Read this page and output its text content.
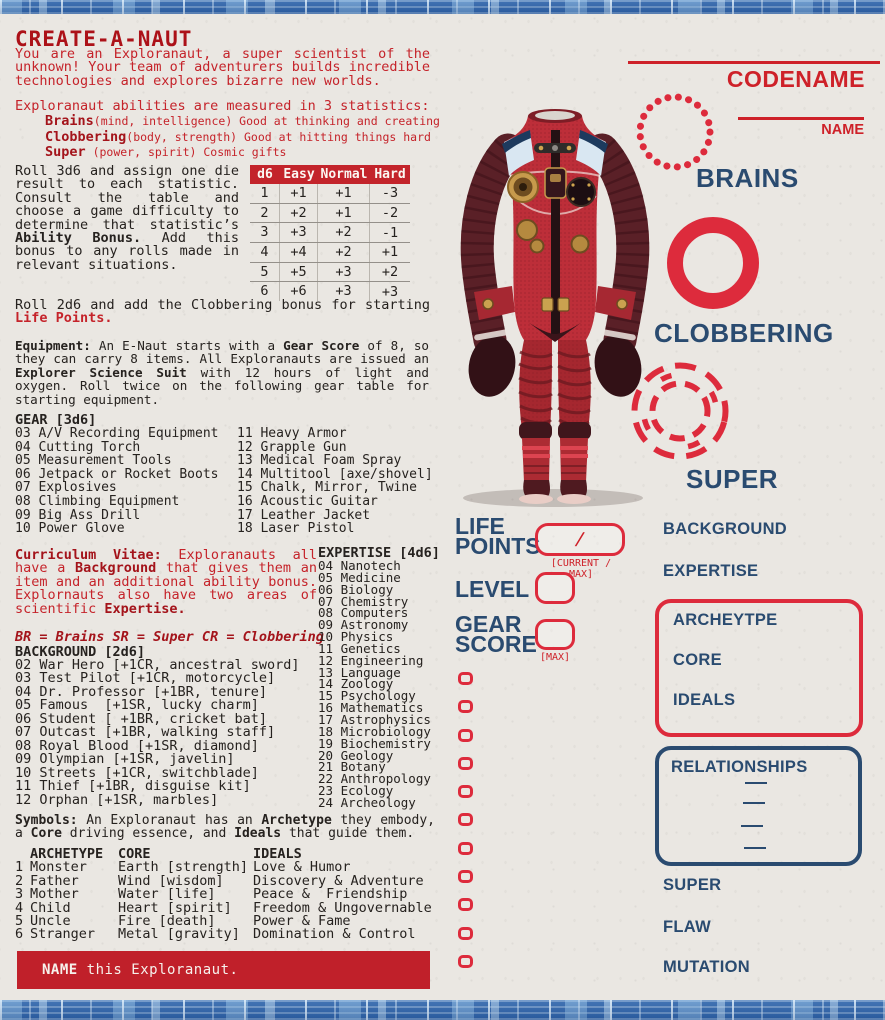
CREATE-A-NAUT
You are an Exploranaut, a super scientist of the unknown! Your team of adventurers builds incredible technologies and explores bizarre new worlds.
Exploranaut abilities are measured in 3 statistics:
Brains(mind, intelligence) Good at thinking and creating
Clobbering(body, strength) Good at hitting things hard
Super (power, spirit) Cosmic gifts
Roll 3d6 and assign one die result to each statistic. Consult the table and choose a game difficulty to determine that statistic’s Ability Bonus. Add this bonus to any rolls made in relevant situations.
d6 Easy Normal Hard
1	+1	+1	-3
2	+2	+1	-2
3	+3	+2	-1
4	+4	+2	+1
5	+5	+3	+2
6	+6	+3	+3
Roll 2d6 and add the Clobbering bonus for starting Life Points.
Equipment: An E-Naut starts with a Gear Score of 8, so they can carry 8 items. All Exploranauts are issued an Explorer Science Suit with 12 hours of light and oxygen. Roll twice on the following gear table for starting equipment.
GEAR [3d6]
03 A/V Recording Equipment
04 Cutting Torch
05 Measurement Tools
06 Jetpack or Rocket Boots
07 Explosives
08 Climbing Equipment
09 Big Ass Drill
10 Power Glove
11 Heavy Armor
12 Grapple Gun
13 Medical Foam Spray
14 Multitool [axe/shovel]
15 Chalk, Mirror, Twine
16 Acoustic Guitar
17 Leather Jacket
18 Laser Pistol
Curriculum Vitae: Exploranauts all have a Background that gives them an item and an additional ability bonus. Explornauts also have two areas of scientific Expertise.
BR = Brains SR = Super CR = Clobbering
BACKGROUND [2d6]
02 War Hero [+1CR, ancestral sword]
03 Test Pilot [+1CR, motorcycle]
04 Dr. Professor [+1BR, tenure]
05 Famous  [+1SR, lucky charm]
06 Student [ +1BR, cricket bat]
07 Outcast [+1BR, walking staff]
08 Royal Blood [+1SR, diamond]
09 Olympian [+1SR, javelin]
10 Streets [+1CR, switchblade]
11 Thief [+1BR, disguise kit]
12 Orphan [+1SR, marbles]
EXPERTISE [4d6]
04 Nanotech
05 Medicine
06 Biology
07 Chemistry
08 Computers
09 Astronomy
10 Physics
11 Genetics
12 Engineering
13 Language
14 Zoology
15 Psychology
16 Mathematics
17 Astrophysics
18 Microbiology
19 Biochemistry
20 Geology
21 Botany
22 Anthropology
23 Ecology
24 Archeology
Symbols: An Exploranaut has an Archetype they embody, a Core driving essence, and Ideals that guide them.
ARCHETYPE	CORE	IDEALS
1 Monster	Earth [strength] Love & Humor
2 Father	Wind [wisdom]	Discovery & Adventure
3 Mother	Water [life]	Peace &  Friendship
4 Child	Heart [spirit]	Freedom & Ungovernable
5 Uncle	Fire [death]	Power & Fame
6 Stranger	Metal [gravity] Domination & Control
NAME this Exploranaut.
CODENAME
NAME
BRAINS
CLOBBERING
SUPER
LIFE POINTS	/
[CURRENT / MAX]
LEVEL
GEAR SCORE
[MAX]
BACKGROUND
EXPERTISE
ARCHEYTPE
CORE
IDEALS
RELATIONSHIPS
SUPER
FLAW
MUTATION
